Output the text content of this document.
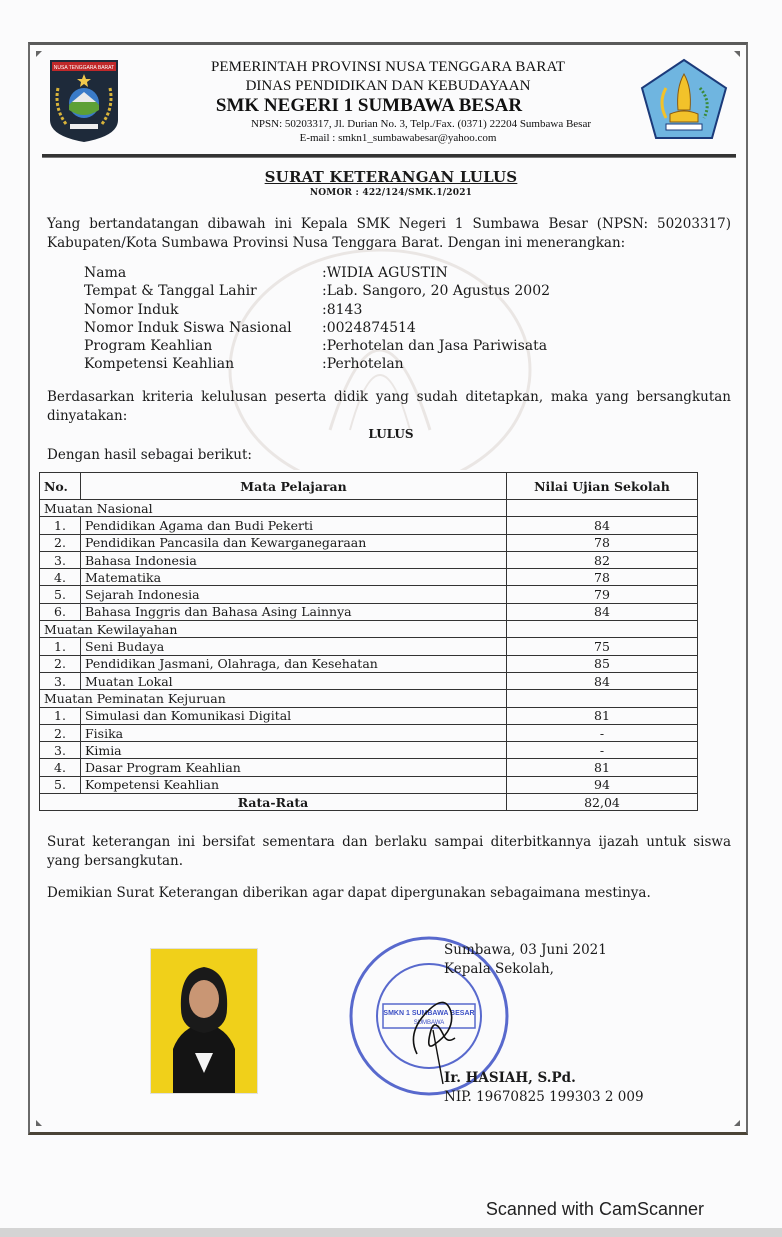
NUSA TENGGARA BARAT	PEMERINTAH PROVINSI NUSA TENGGARA BARAT
DINAS PENDIDIKAN DAN KEBUDAYAAN
SMK NEGERI 1 SUMBAWA BESAR
NPSN: 50203317, Jl. Durian No. 3, Telp./Fax. (0371) 22204 Sumbawa Besar
E-mail : smkn1_sumbawabesar@yahoo.com
SURAT KETERANGAN LULUS
NOMOR : 422/124/SMK.1/2021
Yang bertandatangan dibawah ini Kepala SMK Negeri 1 Sumbawa Besar (NPSN: 50203317) Kabupaten/Kota Sumbawa Provinsi Nusa Tenggara Barat. Dengan ini menerangkan:
Nama	:WIDIA AGUSTIN
Tempat & Tanggal Lahir	:Lab. Sangoro, 20 Agustus 2002
Nomor Induk	:8143
Nomor Induk Siswa Nasional	:0024874514
Program Keahlian	:Perhotelan dan Jasa Pariwisata
Kompetensi Keahlian	:Perhotelan
Berdasarkan kriteria kelulusan peserta didik yang sudah ditetapkan, maka yang bersangkutan dinyatakan:
LULUS
Dengan hasil sebagai berikut:
No.	Mata Pelajaran	Nilai Ujian Sekolah
Muatan Nasional		
1.	Pendidikan Agama dan Budi Pekerti	84
2.	Pendidikan Pancasila dan Kewarganegaraan	78
3.	Bahasa Indonesia	82
4.	Matematika	78
5.	Sejarah Indonesia	79
6.	Bahasa Inggris dan Bahasa Asing Lainnya	84
Muatan Kewilayahan		
1.	Seni Budaya	75
2.	Pendidikan Jasmani, Olahraga, dan Kesehatan	85
3.	Muatan Lokal	84
Muatan Peminatan Kejuruan		
1.	Simulasi dan Komunikasi Digital	81
2.	Fisika	-
3.	Kimia	-
4.	Dasar Program Keahlian	81
5.	Kompetensi Keahlian	94
Rata-Rata		82,04
Surat keterangan ini bersifat sementara dan berlaku sampai diterbitkannya ijazah untuk siswa yang bersangkutan.
Demikian Surat Keterangan diberikan agar dapat dipergunakan sebagaimana mestinya.
SMKN 1 SUMBAWA BESAR
SUMBAWA
Sumbawa, 03 Juni 2021
Kepala Sekolah,
Ir. HASIAH, S.Pd.
NIP. 19670825 199303 2 009
Scanned with CamScanner
